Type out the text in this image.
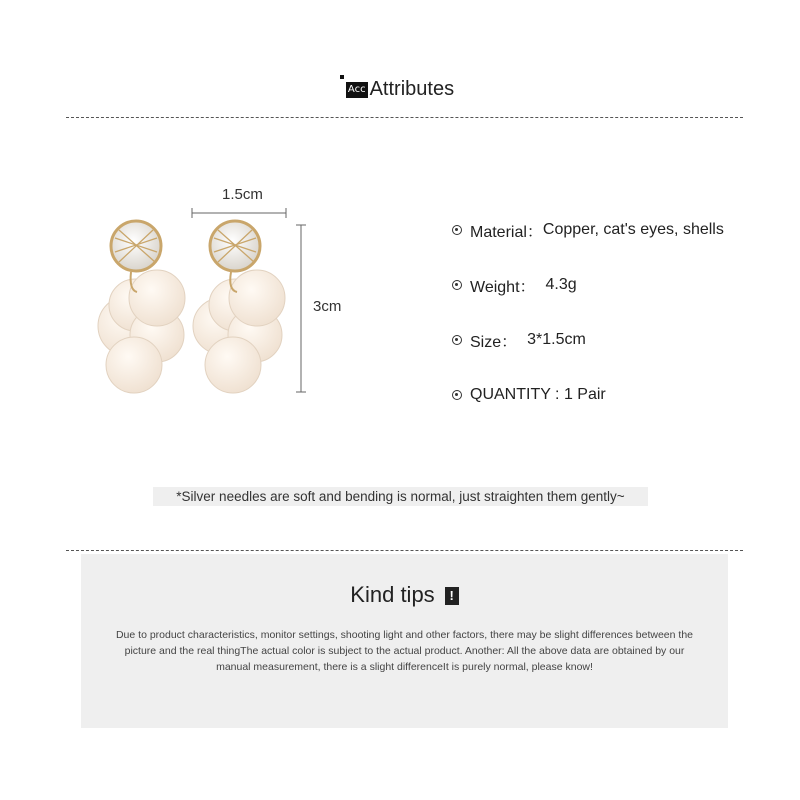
Acc Attributes
1.5cm
3cm
Material： Copper, cat's eyes, shells
Weight： 4.3g
Size： 3*1.5cm
QUANTITY : 1 Pair
*Silver needles are soft and bending is normal, just straighten them gently~
Kind tips !
Due to product characteristics, monitor settings, shooting light and other factors, there may be slight differences between the picture and the real thingThe actual color is subject to the actual product. Another: All the above data are obtained by our manual measurement, there is a slight differenceIt is purely normal, please know!
